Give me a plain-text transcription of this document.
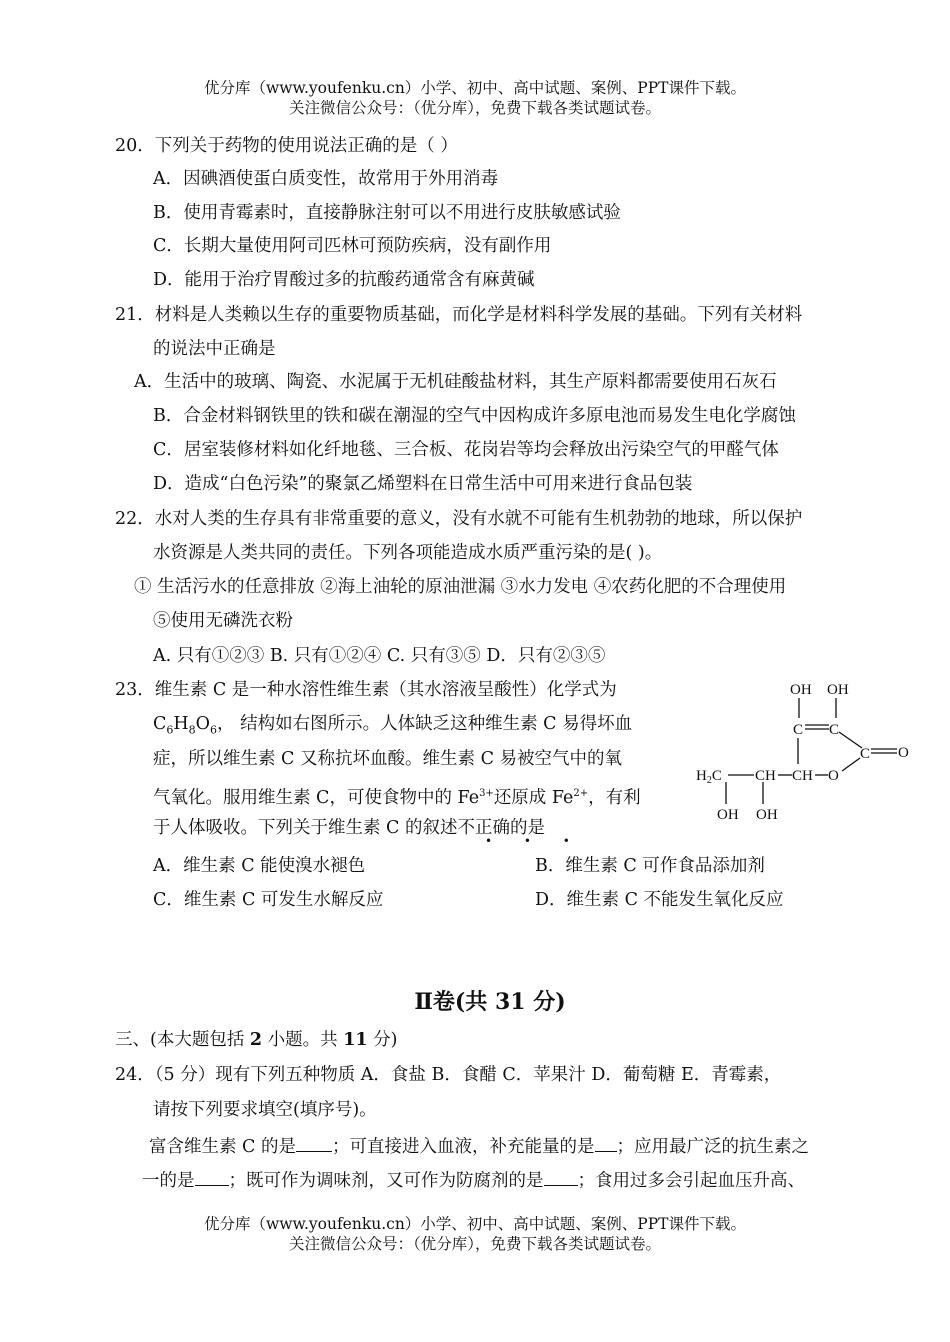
优分库（www.youfenku.cn）小学、初中、高中试题、案例、PPT课件下载。
关注微信公众号：（优分库），免费下载各类试题试卷。
20．下列关于药物的使用说法正确的是（ ）
A．因碘酒使蛋白质变性，故常用于外用消毒
B．使用青霉素时，直接静脉注射可以不用进行皮肤敏感试验
C．长期大量使用阿司匹林可预防疾病，没有副作用
D．能用于治疗胃酸过多的抗酸药通常含有麻黄碱
21．材料是人类赖以生存的重要物质基础，而化学是材料科学发展的基础。下列有关材料
的说法中正确是
A．生活中的玻璃、陶瓷、水泥属于无机硅酸盐材料，其生产原料都需要使用石灰石
B．合金材料钢铁里的铁和碳在潮湿的空气中因构成许多原电池而易发生电化学腐蚀
C．居室装修材料如化纤地毯、三合板、花岗岩等均会释放出污染空气的甲醛气体
D．造成“白色污染”的聚氯乙烯塑料在日常生活中可用来进行食品包装
22．水对人类的生存具有非常重要的意义，没有水就不可能有生机勃勃的地球，所以保护
水资源是人类共同的责任。下列各项能造成水质严重污染的是( )。
① 生活污水的任意排放 ②海上油轮的原油泄漏 ③水力发电 ④农药化肥的不合理使用
⑤使用无磷洗衣粉
A. 只有①②③ B. 只有①②④ C. 只有③⑤ D．只有②③⑤
23．维生素 C 是一种水溶性维生素（其水溶液呈酸性）化学式为
$C_6H_8O_6$， 结构如右图所示。人体缺乏这种维生素 C 易得坏血
症，所以维生素 C 又称抗坏血酸。维生素 C 易被空气中的氧
气氧化。服用维生素 C，可使食物中的 $Fe^{3+}$还原成 $Fe^{2+}$，有利
于人体吸收。下列关于维生素 C 的叙述不正确的是
• • •
A．维生素 C 能使溴水褪色	B．维生素 C 可作食品添加剂
C．维生素 C 可发生水解反应	D．维生素 C 不能发生氧化反应
OH OH
C C
C O
O
$H_2C$ CH CH
OH OH
Ⅱ卷(共 31 分)
三、(本大题包括 2 小题。共 11 分)
24．（5 分）现有下列五种物质 A．食盐 B．食醋 C．苹果汁 D．葡萄糖 E．青霉素，
请按下列要求填空(填序号)。
富含维生素 C 的是 ；可直接进入血液，补充能量的是 ；应用最广泛的抗生素之
一的是 ；既可作为调味剂，又可作为防腐剂的是 ；食用过多会引起血压升高、
优分库（www.youfenku.cn）小学、初中、高中试题、案例、PPT课件下载。
关注微信公众号：（优分库），免费下载各类试题试卷。
